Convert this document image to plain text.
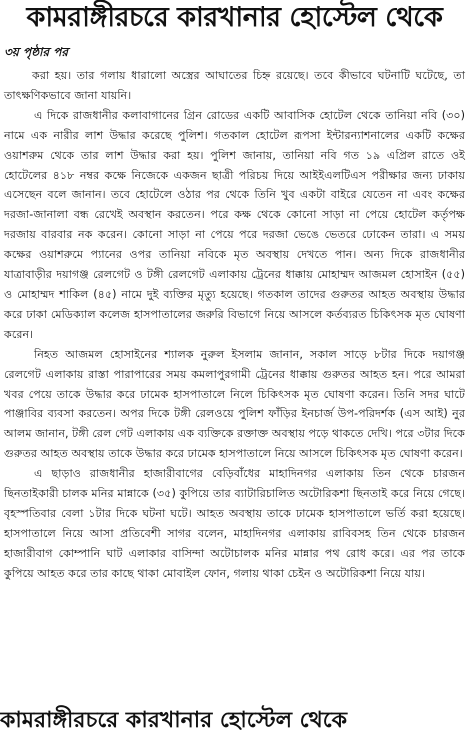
কামরাঙ্গীরচরে কারখানার হোস্টেল থেকে
৩য় পৃষ্ঠার পর

করা হয়। তার গলায় ধারালো অস্ত্রের আঘাতের চিহ্ন রয়েছে। তবে কীভাবে ঘটনাটি ঘটেছে, তা তাৎক্ষণিকভাবে জানা যায়নি।

এ দিকে রাজধানীর কলাবাগানের গ্রিন রোডের একটি আবাসিক হোটেল থেকে তানিয়া নবি (৩০) নামে এক নারীর লাশ উদ্ধার করেছে পুলিশ। গতকাল হোটেল রূপসা ইন্টারন্যাশনালের একটি কক্ষের ওয়াশরুম থেকে তার লাশ উদ্ধার করা হয়। পুলিশ জানায়, তানিয়া নবি গত ১৯ এপ্রিল রাতে ওই হোটেলের ৪১৮ নম্বর কক্ষে নিজেকে একজন ছাত্রী পরিচয় দিয়ে আইইএলটিএস পরীক্ষার জন্য ঢাকায় এসেছেন বলে জানান। তবে হোটেলে ওঠার পর থেকে তিনি খুব একটা বাইরে যেতেন না এবং কক্ষের দরজা-জানালা বন্ধ রেখেই অবস্থান করতেন। পরে কক্ষ থেকে কোনো সাড়া না পেয়ে হোটেল কর্তৃপক্ষ দরজায় বারবার নক করেন। কোনো সাড়া না পেয়ে পরে দরজা ভেঙে ভেতরে ঢোকেন তারা। এ সময় কক্ষের ওয়াশরুমে প্যানের ওপর তানিয়া নবিকে মৃত অবস্থায় দেখতে পান। অন্য দিকে রাজধানীর যাত্রাবাড়ীর দয়াগঞ্জ রেলগেট ও টঙ্গী রেলগেট এলাকায় ট্রেনের ধাক্কায় মোহাম্মদ আজমল হোসাইন (৫৫) ও মোহাম্মদ শাকিল (৪৫) নামে দুই ব্যক্তির মৃত্যু হয়েছে। গতকাল তাদের গুরুতর আহত অবস্থায় উদ্ধার করে ঢাকা মেডিক্যাল কলেজ হাসপাতালের জরুরি বিভাগে নিয়ে আসলে কর্তব্যরত চিকিৎসক মৃত ঘোষণা করেন।

নিহত আজমল হোসাইনের শ্যালক নুরুল ইসলাম জানান, সকাল সাড়ে ৮টার দিকে দয়াগঞ্জ রেলগেট এলাকায় রাস্তা পারাপারের সময় কমলাপুরগামী ট্রেনের ধাক্কায় গুরুতর আহত হন। পরে আমরা খবর পেয়ে তাকে উদ্ধার করে ঢামেক হাসপাতালে নিলে চিকিৎসক মৃত ঘোষণা করেন। তিনি সদর ঘাটে পাঞ্জাবির ব্যবসা করতেন। অপর দিকে টঙ্গী রেলওয়ে পুলিশ ফাঁড়ির ইনচার্জ উপ-পরিদর্শক (এস আই) নুর আলম জানান, টঙ্গী রেল গেট এলাকায় এক ব্যক্তিকে রক্তাক্ত অবস্থায় পড়ে থাকতে দেখি। পরে ৩টার দিকে গুরুতর আহত অবস্থায় তাকে উদ্ধার করে ঢামেক হাসপাতালে নিয়ে আসলে চিকিৎসক মৃত ঘোষণা করেন।

এ ছাড়াও রাজধানীর হাজারীবাগের বেড়িবাঁধের মাহাদিনগর এলাকায় তিন থেকে চারজন ছিনতাইকারী চালক মনির মান্নাকে (৩৫) কুপিয়ে তার ব্যাটারিচালিত অটোরিকশা ছিনতাই করে নিয়ে গেছে। বৃহস্পতিবার বেলা ১টার দিকে ঘটনা ঘটে। আহত অবস্থায় তাকে ঢামেক হাসপাতালে ভর্তি করা হয়েছে। হাসপাতালে নিয়ে আসা প্রতিবেশী সাগর বলেন, মাহাদিনগর এলাকায় রাবিবসহ তিন থেকে চারজন হাজারীবাগ কোম্পানি ঘাট এলাকার বাসিন্দা অটোচালক মনির মান্নার পথ রোধ করে। এর পর তাকে কুপিয়ে আহত করে তার কাছে থাকা মোবাইল ফোন, গলায় থাকা চেইন ও অটোরিকশা নিয়ে যায়।

কামরাঙ্গীরচরে কারখানার হোস্টেল থেকে
